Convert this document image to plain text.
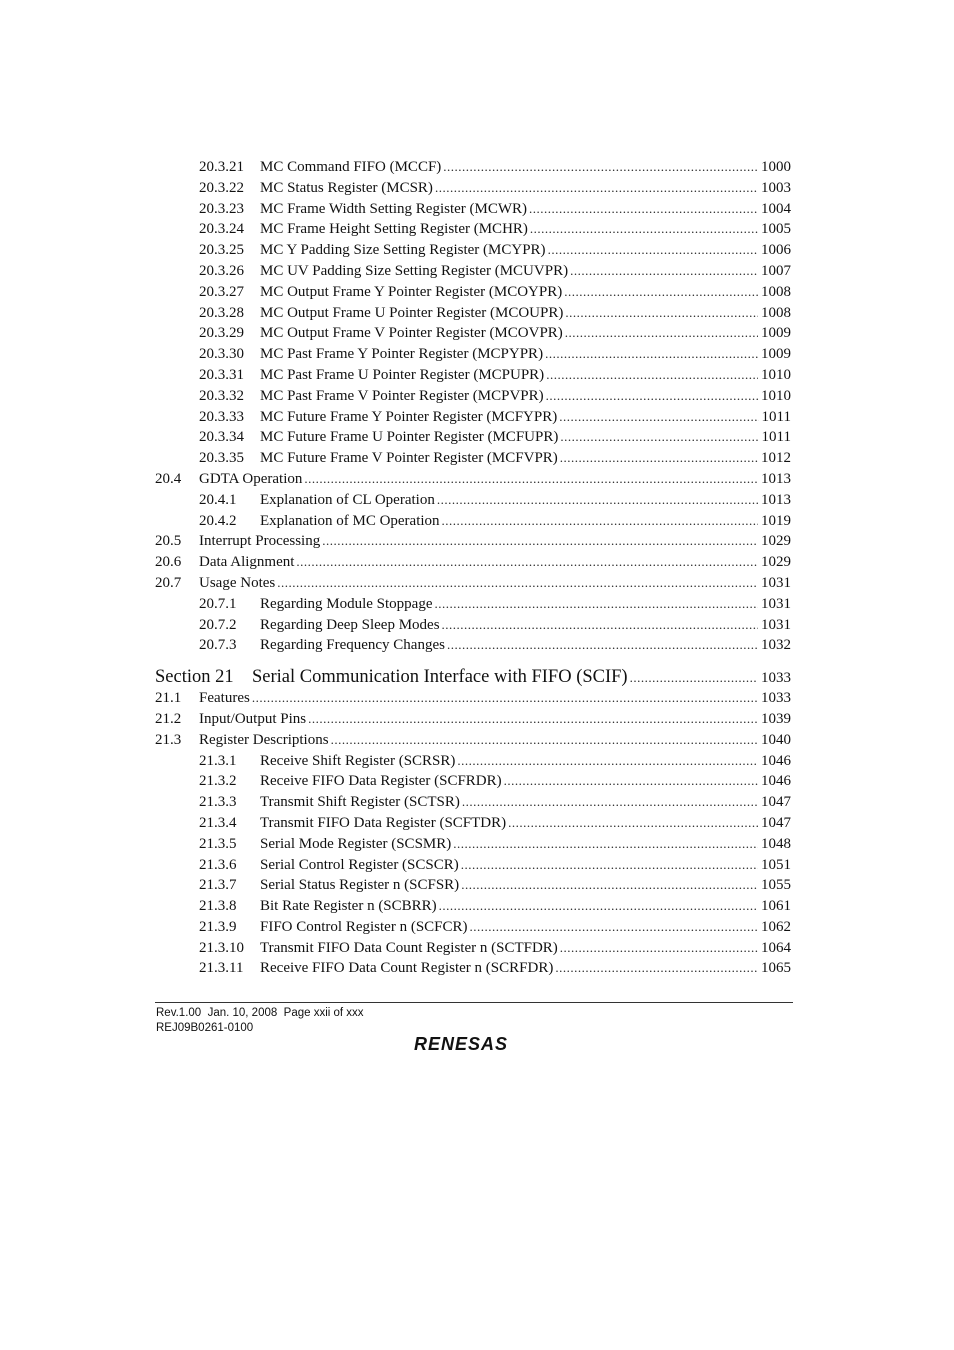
20.3.21	MC Command FIFO (MCCF) .....	1000
20.3.22	MC Status Register (MCSR) .....	1003
20.3.23	MC Frame Width Setting Register (MCWR) .....	1004
20.3.24	MC Frame Height Setting Register (MCHR) .....	1005
20.3.25	MC Y Padding Size Setting Register (MCYPR) .....	1006
20.3.26	MC UV Padding Size Setting Register (MCUVPR) .....	1007
20.3.27	MC Output Frame Y Pointer Register (MCOYPR) .....	1008
20.3.28	MC Output Frame U Pointer Register (MCOUPR) .....	1008
20.3.29	MC Output Frame V Pointer Register (MCOVPR) .....	1009
20.3.30	MC Past Frame Y Pointer Register (MCPYPR) .....	1009
20.3.31	MC Past Frame U Pointer Register (MCPUPR) .....	1010
20.3.32	MC Past Frame V Pointer Register (MCPVPR) .....	1010
20.3.33	MC Future Frame Y Pointer Register (MCFYPR) .....	1011
20.3.34	MC Future Frame U Pointer Register (MCFUPR) .....	1011
20.3.35	MC Future Frame V Pointer Register (MCFVPR) .....	1012
20.4	GDTA Operation .....	1013
20.4.1	Explanation of CL Operation .....	1013
20.4.2	Explanation of MC Operation .....	1019
20.5	Interrupt Processing .....	1029
20.6	Data Alignment .....	1029
20.7	Usage Notes .....	1031
20.7.1	Regarding Module Stoppage .....	1031
20.7.2	Regarding Deep Sleep Modes .....	1031
20.7.3	Regarding Frequency Changes .....	1032
Section 21 Serial Communication Interface with FIFO (SCIF) .....	1033
21.1	Features .....	1033
21.2	Input/Output Pins .....	1039
21.3	Register Descriptions .....	1040
21.3.1	Receive Shift Register (SCRSR) .....	1046
21.3.2	Receive FIFO Data Register (SCFRDR) .....	1046
21.3.3	Transmit Shift Register (SCTSR) .....	1047
21.3.4	Transmit FIFO Data Register (SCFTDR) .....	1047
21.3.5	Serial Mode Register (SCSMR) .....	1048
21.3.6	Serial Control Register (SCSCR) .....	1051
21.3.7	Serial Status Register n (SCFSR) .....	1055
21.3.8	Bit Rate Register n (SCBRR) .....	1061
21.3.9	FIFO Control Register n (SCFCR) .....	1062
21.3.10	Transmit FIFO Data Count Register n (SCTFDR) .....	1064
21.3.11	Receive FIFO Data Count Register n (SCRFDR) .....	1065
Rev.1.00  Jan. 10, 2008  Page xxii of xxx
REJ09B0261-0100
RENESAS
